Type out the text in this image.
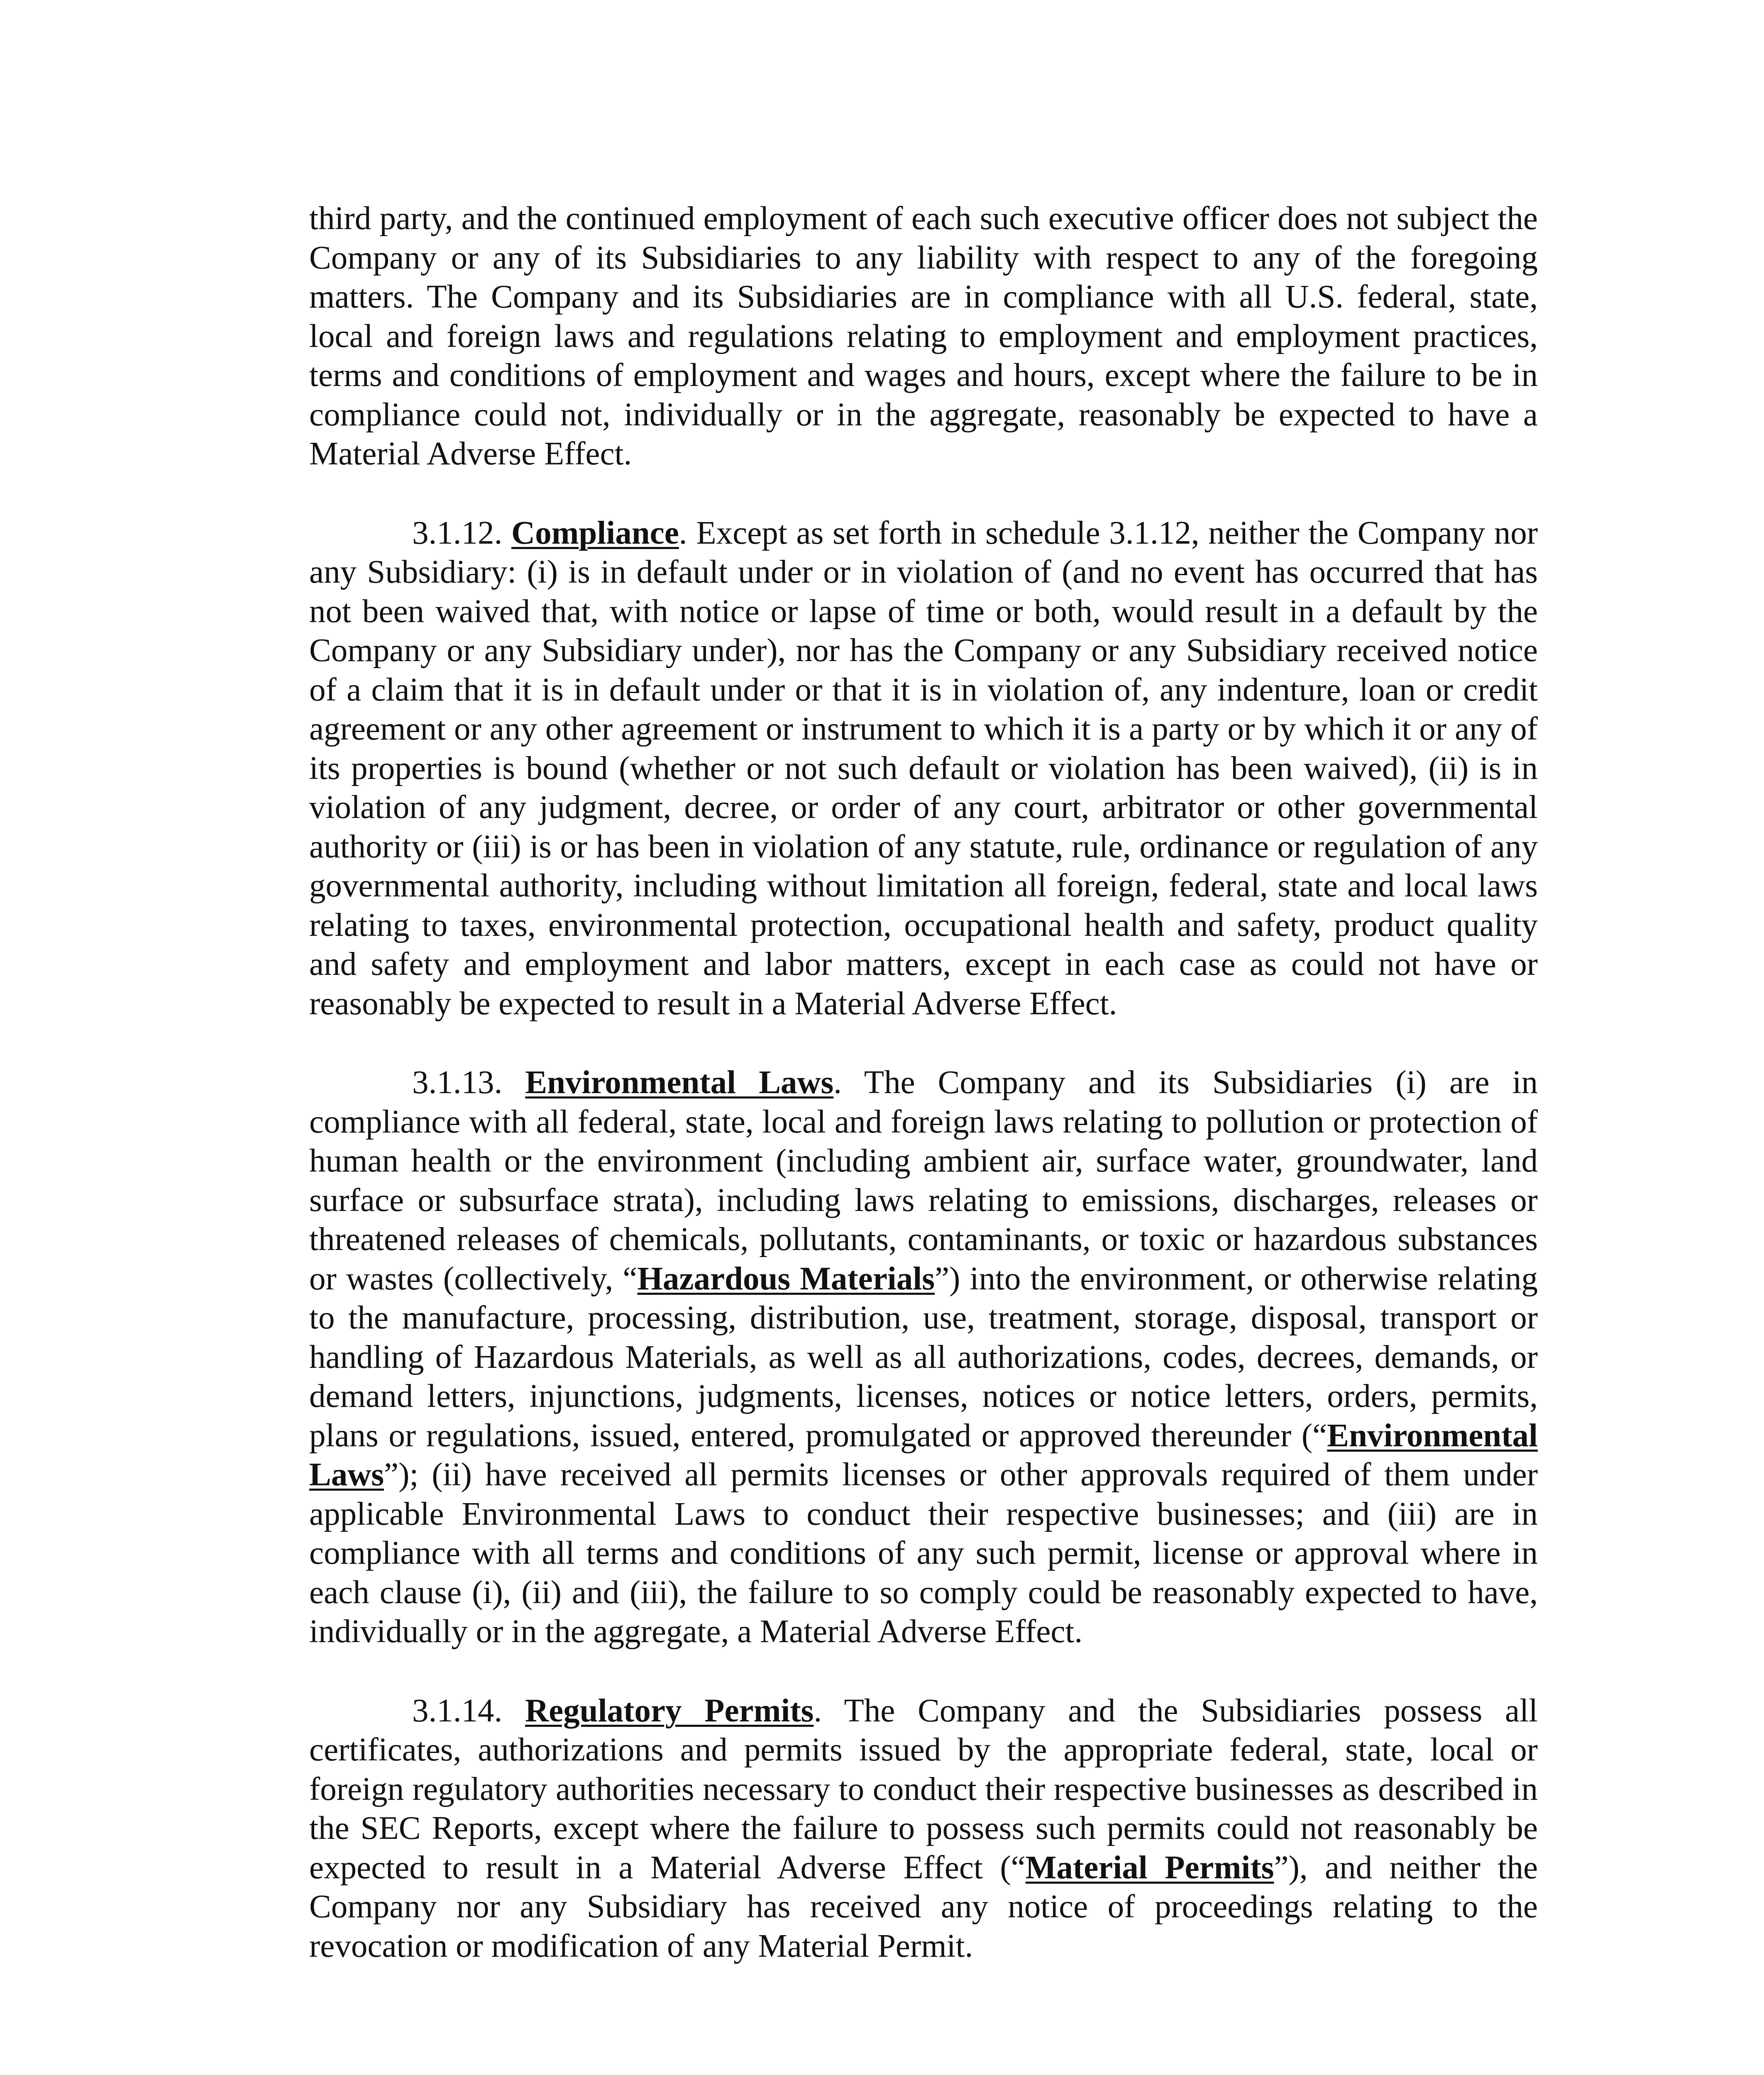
third party, and the continued employment of each such executive officer does not subject the Company or any of its Subsidiaries to any liability with respect to any of the foregoing matters. The Company and its Subsidiaries are in compliance with all U.S. federal, state, local and foreign laws and regulations relating to employment and employment practices, terms and conditions of employment and wages and hours, except where the failure to be in compliance could not, individually or in the aggregate, reasonably be expected to have a Material Adverse Effect.

3.1.12. Compliance. Except as set forth in schedule 3.1.12, neither the Company nor any Subsidiary: (i) is in default under or in violation of (and no event has occurred that has not been waived that, with notice or lapse of time or both, would result in a default by the Company or any Subsidiary under), nor has the Company or any Subsidiary received notice of a claim that it is in default under or that it is in violation of, any indenture, loan or credit agreement or any other agreement or instrument to which it is a party or by which it or any of its properties is bound (whether or not such default or violation has been waived), (ii) is in violation of any judgment, decree, or order of any court, arbitrator or other governmental authority or (iii) is or has been in violation of any statute, rule, ordinance or regulation of any governmental authority, including without limitation all foreign, federal, state and local laws relating to taxes, environmental protection, occupational health and safety, product quality and safety and employment and labor matters, except in each case as could not have or reasonably be expected to result in a Material Adverse Effect.

3.1.13. Environmental Laws. The Company and its Subsidiaries (i) are in compliance with all federal, state, local and foreign laws relating to pollution or protection of human health or the environment (including ambient air, surface water, groundwater, land surface or subsurface strata), including laws relating to emissions, discharges, releases or threatened releases of chemicals, pollutants, contaminants, or toxic or hazardous substances or wastes (collectively, “Hazardous Materials”) into the environment, or otherwise relating to the manufacture, processing, distribution, use, treatment, storage, disposal, transport or handling of Hazardous Materials, as well as all authorizations, codes, decrees, demands, or demand letters, injunctions, judgments, licenses, notices or notice letters, orders, permits, plans or regulations, issued, entered, promulgated or approved thereunder (“Environmental Laws”); (ii) have received all permits licenses or other approvals required of them under applicable Environmental Laws to conduct their respective businesses; and (iii) are in compliance with all terms and conditions of any such permit, license or approval where in each clause (i), (ii) and (iii), the failure to so comply could be reasonably expected to have, individually or in the aggregate, a Material Adverse Effect.

3.1.14. Regulatory Permits. The Company and the Subsidiaries possess all certificates, authorizations and permits issued by the appropriate federal, state, local or foreign regulatory authorities necessary to conduct their respective businesses as described in the SEC Reports, except where the failure to possess such permits could not reasonably be expected to result in a Material Adverse Effect (“Material Permits”), and neither the Company nor any Subsidiary has received any notice of proceedings relating to the revocation or modification of any Material Permit.
